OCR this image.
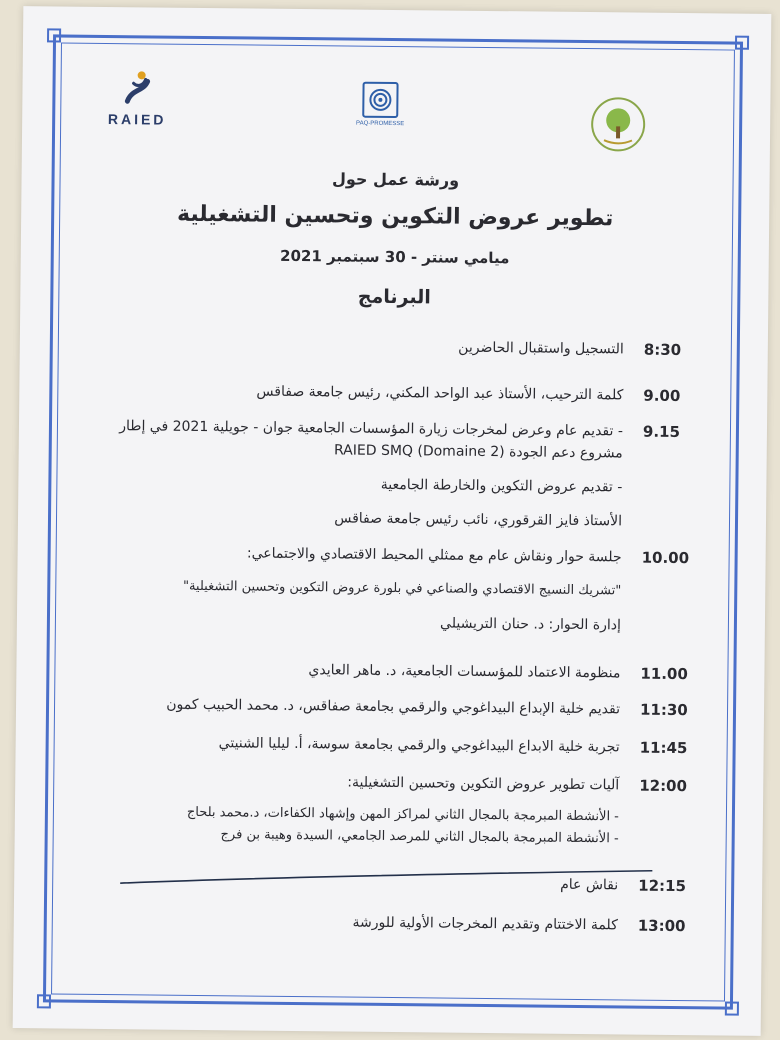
RAIED	PAQ-PROMESSE
ورشة عمل حول
تطوير عروض التكوين وتحسين التشغيلية
ميامي سنتر - 30 سبتمبر 2021
البرنامج
8:30
التسجيل واستقبال الحاضرين
9.00
كلمة الترحيب، الأستاذ عبد الواحد المكني، رئيس جامعة صفاقس
9.15
- تقديم عام وعرض لمخرجات زيارة المؤسسات الجامعية جوان - جويلية 2021 في إطار
مشروع دعم الجودة RAIED SMQ (Domaine 2)
- تقديم عروض التكوين والخارطة الجامعية
الأستاذ فايز القرقوري، نائب رئيس جامعة صفاقس
10.00
جلسة حوار ونقاش عام مع ممثلي المحيط الاقتصادي والاجتماعي:
"تشريك النسيج الاقتصادي والصناعي في بلورة عروض التكوين وتحسين التشغيلية"
إدارة الحوار: د. حنان التريشيلي
11.00
منظومة الاعتماد للمؤسسات الجامعية، د. ماهر العايدي
11:30
تقديم خلية الإبداع البيداغوجي والرقمي بجامعة صفاقس، د. محمد الحبيب كمون
11:45
تجربة خلية الابداع البيداغوجي والرقمي بجامعة سوسة، أ. ليليا الشنيتي
12:00
آليات تطوير عروض التكوين وتحسين التشغيلية:
- الأنشطة المبرمجة بالمجال الثاني لمراكز المهن وإشهاد الكفاءات، د.محمد بلحاج
- الأنشطة المبرمجة بالمجال الثاني للمرصد الجامعي، السيدة وهيبة بن فرج
12:15
نقاش عام
13:00
كلمة الاختتام وتقديم المخرجات الأولية للورشة
